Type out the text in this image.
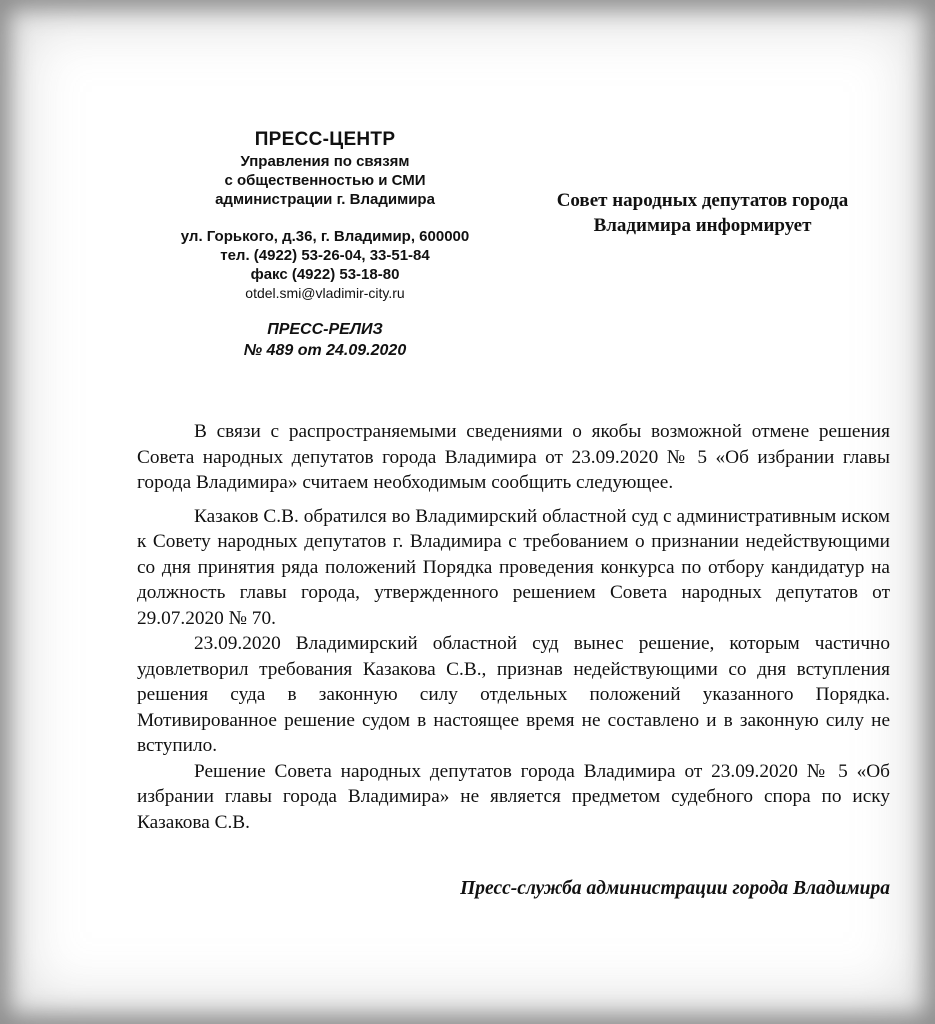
ПРЕСС-ЦЕНТР
Управления по связям
с общественностью и СМИ
администрации г. Владимира
ул. Горького, д.36, г. Владимир, 600000
тел. (4922) 53-26-04, 33-51-84
факс (4922) 53-18-80
otdel.smi@vladimir-city.ru
ПРЕСС-РЕЛИЗ
№ 489 от 24.09.2020
Совет народных депутатов города
Владимира информирует

В связи с распространяемыми сведениями о якобы возможной отмене решения Совета народных депутатов города Владимира от 23.09.2020 № 5 «Об избрании главы города Владимира» считаем необходимым сообщить следующее.

Казаков С.В. обратился во Владимирский областной суд с административным иском к Совету народных депутатов г. Владимира с требованием о признании недействующими со дня принятия ряда положений Порядка проведения конкурса по отбору кандидатур на должность главы города, утвержденного решением Совета народных депутатов от 29.07.2020 № 70.

23.09.2020 Владимирский областной суд вынес решение, которым частично удовлетворил требования Казакова С.В., признав недействующими со дня вступления решения суда в законную силу отдельных положений указанного Порядка. Мотивированное решение судом в настоящее время не составлено и в законную силу не вступило.

Решение Совета народных депутатов города Владимира от 23.09.2020 № 5 «Об избрании главы города Владимира» не является предметом судебного спора по иску Казакова С.В.

Пресс-служба администрации города Владимира
